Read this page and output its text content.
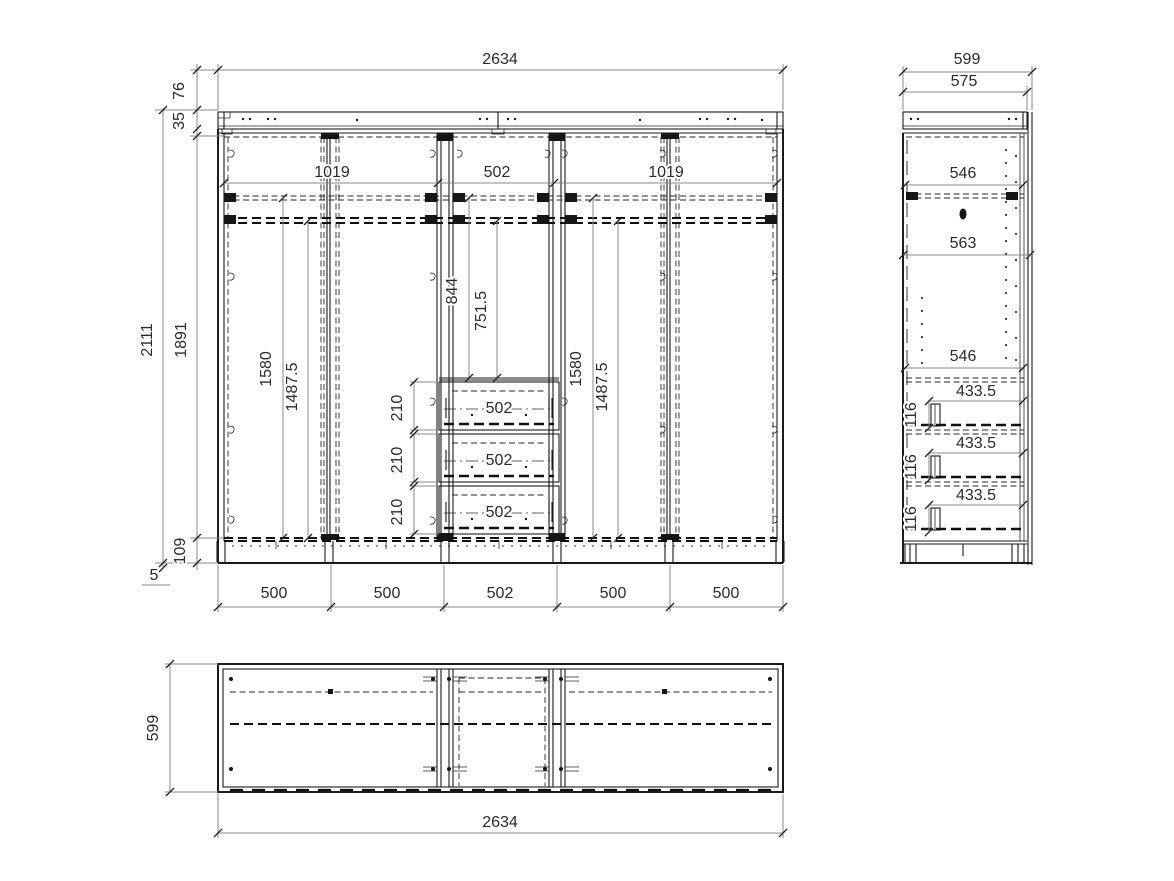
2634
76
35
2111 1891
109
5
1019	502	1019
844 751.5
1580 1487.5	1580 1487.5
210
210
210
502
502
502
500	500	502	500	500
599
575
546
563
546
433.5
433.5
433.5
116
116
116
599
2634
